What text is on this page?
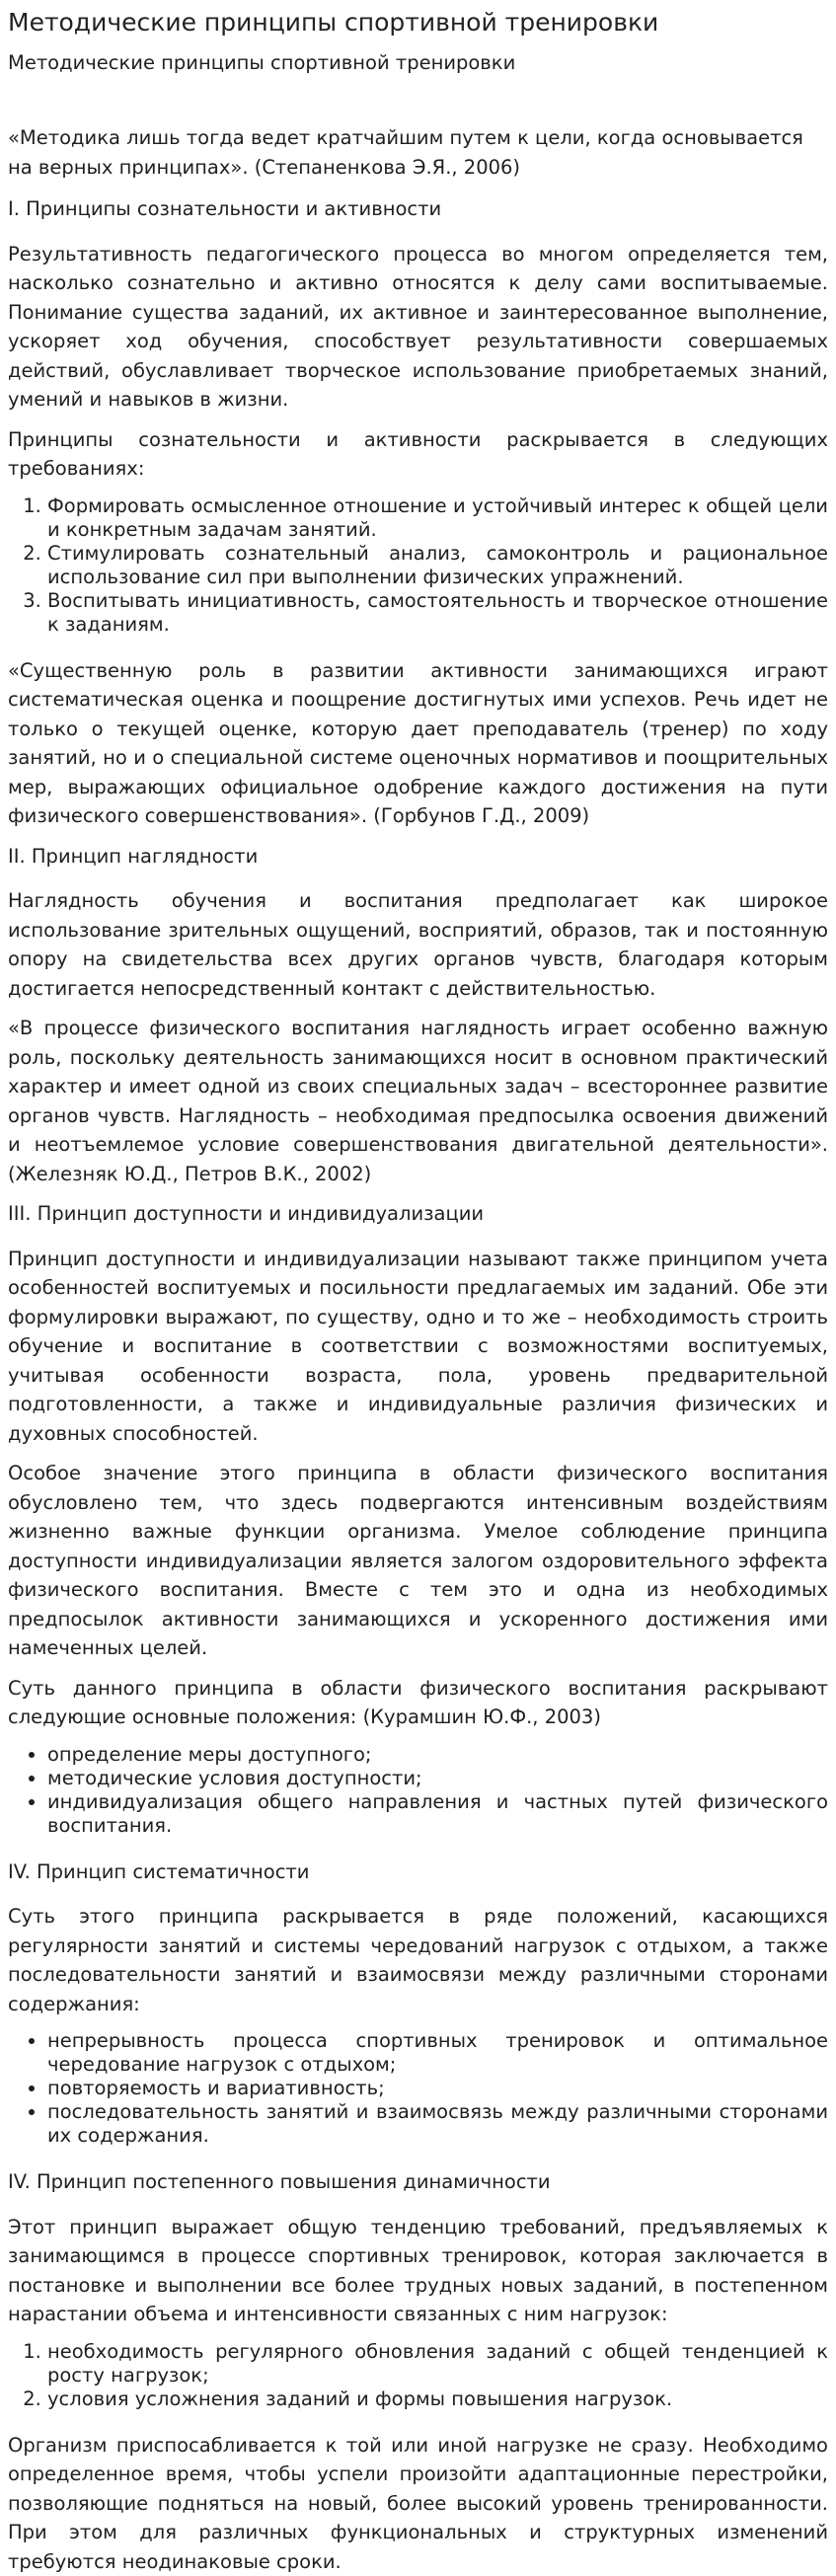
Методические принципы спортивной тренировки
Методические принципы спортивной тренировки

«Методика лишь тогда ведет кратчайшим путем к цели, когда основывается на верных принципах». (Степаненкова Э.Я., 2006)

I. Принципы сознательности и активности

Результативность педагогического процесса во многом определяется тем, насколько сознательно и активно относятся к делу сами воспитываемые. Понимание существа заданий, их активное и заинтересованное выполнение, ускоряет ход обучения, способствует результативности совершаемых действий, обуславливает творческое использование приобретаемых знаний, умений и навыков в жизни.

Принципы сознательности и активности раскрывается в следующих требованиях:

1. Формировать осмысленное отношение и устойчивый интерес к общей цели и конкретным задачам занятий.
2. Стимулировать сознательный анализ, самоконтроль и рациональное использование сил при выполнении физических упражнений.
3. Воспитывать инициативность, самостоятельность и творческое отношение к заданиям.

«Существенную роль в развитии активности занимающихся играют систематическая оценка и поощрение достигнутых ими успехов. Речь идет не только о текущей оценке, которую дает преподаватель (тренер) по ходу занятий, но и о специальной системе оценочных нормативов и поощрительных мер, выражающих официальное одобрение каждого достижения на пути физического совершенствования». (Горбунов Г.Д., 2009)

II. Принцип наглядности

Наглядность обучения и воспитания предполагает как широкое использование зрительных ощущений, восприятий, образов, так и постоянную опору на свидетельства всех других органов чувств, благодаря которым достигается непосредственный контакт с действительностью.

«В процессе физического воспитания наглядность играет особенно важную роль, поскольку деятельность занимающихся носит в основном практический характер и имеет одной из своих специальных задач – всестороннее развитие органов чувств. Наглядность – необходимая предпосылка освоения движений и неотъемлемое условие совершенствования двигательной деятельности». (Железняк Ю.Д., Петров В.К., 2002)

III. Принцип доступности и индивидуализации

Принцип доступности и индивидуализации называют также принципом учета особенностей воспитуемых и посильности предлагаемых им заданий. Обе эти формулировки выражают, по существу, одно и то же – необходимость строить обучение и воспитание в соответствии с возможностями воспитуемых, учитывая особенности возраста, пола, уровень предварительной подготовленности, а также и индивидуальные различия физических и духовных способностей.

Особое значение этого принципа в области физического воспитания обусловлено тем, что здесь подвергаются интенсивным воздействиям жизненно важные функции организма. Умелое соблюдение принципа доступности индивидуализации является залогом оздоровительного эффекта физического воспитания. Вместе с тем это и одна из необходимых предпосылок активности занимающихся и ускоренного достижения ими намеченных целей.

Суть данного принципа в области физического воспитания раскрывают следующие основные положения: (Курамшин Ю.Ф., 2003)

• определение меры доступного;
• методические условия доступности;
• индивидуализация общего направления и частных путей физического воспитания.

IV. Принцип систематичности

Суть этого принципа раскрывается в ряде положений, касающихся регулярности занятий и системы чередований нагрузок с отдыхом, а также последовательности занятий и взаимосвязи между различными сторонами содержания:

• непрерывность процесса спортивных тренировок и оптимальное чередование нагрузок с отдыхом;
• повторяемость и вариативность;
• последовательность занятий и взаимосвязь между различными сторонами их содержания.

IV. Принцип постепенного повышения динамичности

Этот принцип выражает общую тенденцию требований, предъявляемых к занимающимся в процессе спортивных тренировок, которая заключается в постановке и выполнении все более трудных новых заданий, в постепенном нарастании объема и интенсивности связанных с ним нагрузок:

1. необходимость регулярного обновления заданий с общей тенденцией к росту нагрузок;
2. условия усложнения заданий и формы повышения нагрузок.

Организм приспосабливается к той или иной нагрузке не сразу. Необходимо определенное время, чтобы успели произойти адаптационные перестройки, позволяющие подняться на новый, более высокий уровень тренированности. При этом для различных функциональных и структурных изменений требуются неодинаковые сроки.
